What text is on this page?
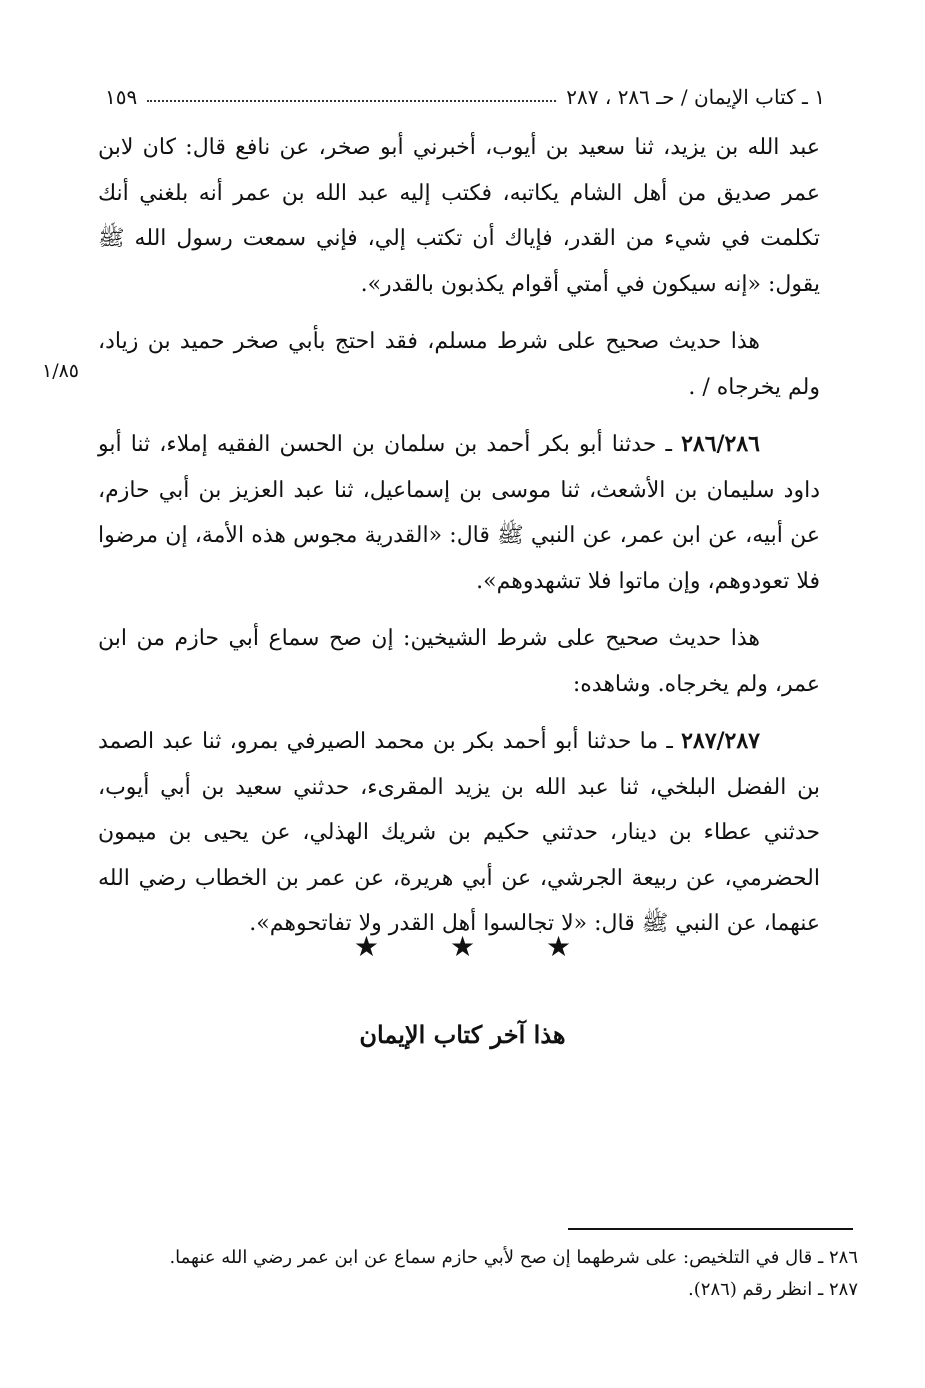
١ ـ كتاب الإيمان / حـ ٢٨٦ ، ٢٨٧
١٥٩
١/٨٥

عبد الله بن يزيد، ثنا سعيد بن أيوب، أخبرني أبو صخر، عن نافع قال: كان لابن عمر صديق من أهل الشام يكاتبه، فكتب إليه عبد الله بن عمر أنه بلغني أنك تكلمت في شيء من القدر، فإياك أن تكتب إلي، فإني سمعت رسول الله ﷺ يقول: «إنه سيكون في أمتي أقوام يكذبون بالقدر».

هذا حديث صحيح على شرط مسلم، فقد احتج بأبي صخر حميد بن زياد، ولم يخرجاه / .

٢٨٦/٢٨٦ ـ حدثنا أبو بكر أحمد بن سلمان بن الحسن الفقيه إملاء، ثنا أبو داود سليمان بن الأشعث، ثنا موسى بن إسماعيل، ثنا عبد العزيز بن أبي حازم، عن أبيه، عن ابن عمر، عن النبي ﷺ قال: «القدرية مجوس هذه الأمة، إن مرضوا فلا تعودوهم، وإن ماتوا فلا تشهدوهم».

هذا حديث صحيح على شرط الشيخين: إن صح سماع أبي حازم من ابن عمر، ولم يخرجاه. وشاهده:

٢٨٧/٢٨٧ ـ ما حدثنا أبو أحمد بكر بن محمد الصيرفي بمرو، ثنا عبد الصمد بن الفضل البلخي، ثنا عبد الله بن يزيد المقرىء، حدثني سعيد بن أبي أيوب، حدثني عطاء بن دينار، حدثني حكيم بن شريك الهذلي، عن يحيى بن ميمون الحضرمي، عن ربيعة الجرشي، عن أبي هريرة، عن عمر بن الخطاب رضي الله عنهما، عن النبي ﷺ قال: «لا تجالسوا أهل القدر ولا تفاتحوهم».

★ ★ ★
هذا آخر كتاب الإيمان

٢٨٦ ـ قال في التلخيص: على شرطهما إن صح لأبي حازم سماع عن ابن عمر رضي الله عنهما.

٢٨٧ ـ انظر رقم (٢٨٦).
